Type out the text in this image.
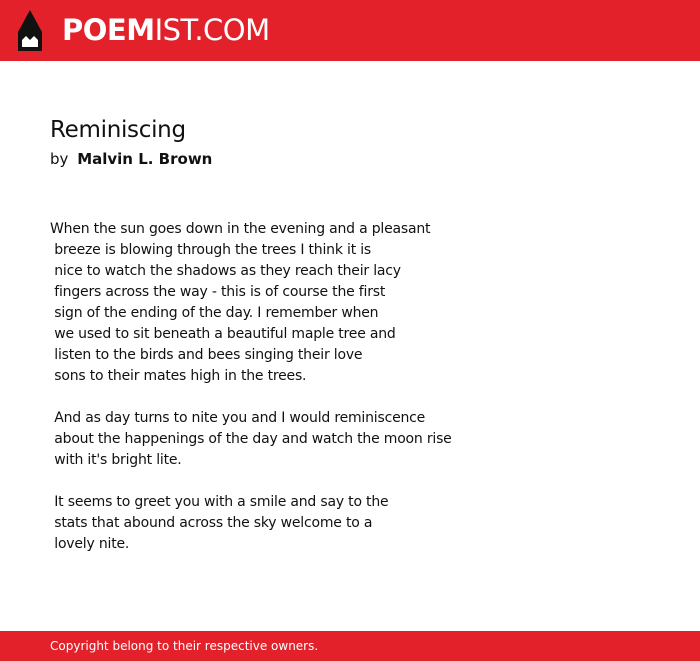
POEMIST.COM
Reminiscing
by Malvin L. Brown
When the sun goes down in the evening and a pleasant
breeze is blowing through the trees I think it is
nice to watch the shadows as they reach their lacy
fingers across the way - this is of course the first
sign of the ending of the day. I remember when
we used to sit beneath a beautiful maple tree and
listen to the birds and bees singing their love
sons to their mates high in the trees.
And as day turns to nite you and I would reminiscence
about the happenings of the day and watch the moon rise
with it's bright lite.
It seems to greet you with a smile and say to the
stats that abound across the sky welcome to a
lovely nite.
Copyright belong to their respective owners.
